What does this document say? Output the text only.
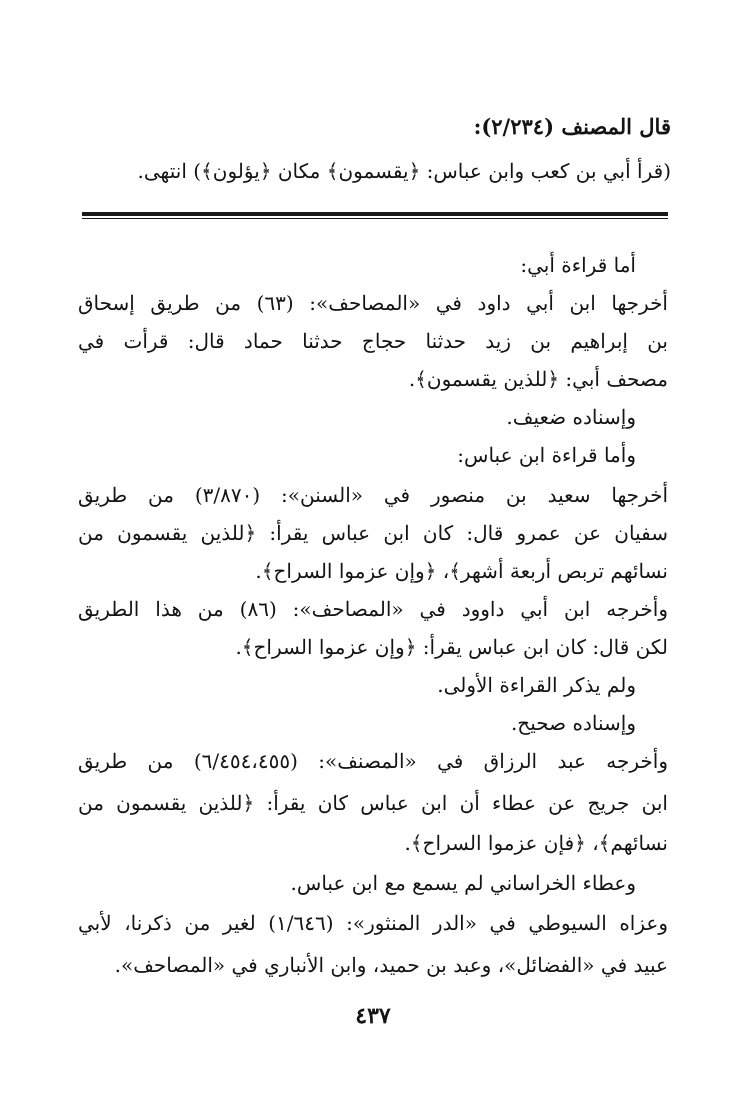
قال المصنف (٢/٢٣٤):
(قرأ أبي بن كعب وابن عباس: ﴿يقسمون﴾ مكان ﴿يؤلون﴾) انتهى.
أما قراءة أُبي:
أخرجها ابن أبي داود في «المصاحف»: (٦٣) من طريق إسحاق
بن إبراهيم بن زيد حدثنا حجاج حدثنا حماد قال: قرأت في
مصحف أبي: ﴿للذين يقسمون﴾.
وإسناده ضعيف.
وأما قراءة ابن عباس:
أخرجها سعيد بن منصور في «السنن»: (٣/٨٧٠) من طريق
سفيان عن عمرو قال: كان ابن عباس يقرأ: ﴿للذين يقسمون من
نسائهم تربص أربعة أشهر﴾، ﴿وإن عزموا السراح﴾.
وأخرجه ابن أبي داوود في «المصاحف»: (٨٦) من هذا الطريق
لكن قال: كان ابن عباس يقرأ: ﴿وإن عزموا السراح﴾.
ولم يذكر القراءة الأولى.
وإسناده صحيح.
وأخرجه عبد الرزاق في «المصنف»: (٦/٤٥٤،٤٥٥) من طريق
ابن جريج عن عطاء أن ابن عباس كان يقرأ: ﴿للذين يقسمون من
نسائهم﴾، ﴿فإن عزموا السراح﴾.
وعطاء الخراساني لم يسمع مع ابن عباس.
وعزاه السيوطي في «الدر المنثور»: (١/٦٤٦) لغير من ذكرنا، لأبي
عبيد في «الفضائل»، وعبد بن حميد، وابن الأنباري في «المصاحف».
٤٣٧
